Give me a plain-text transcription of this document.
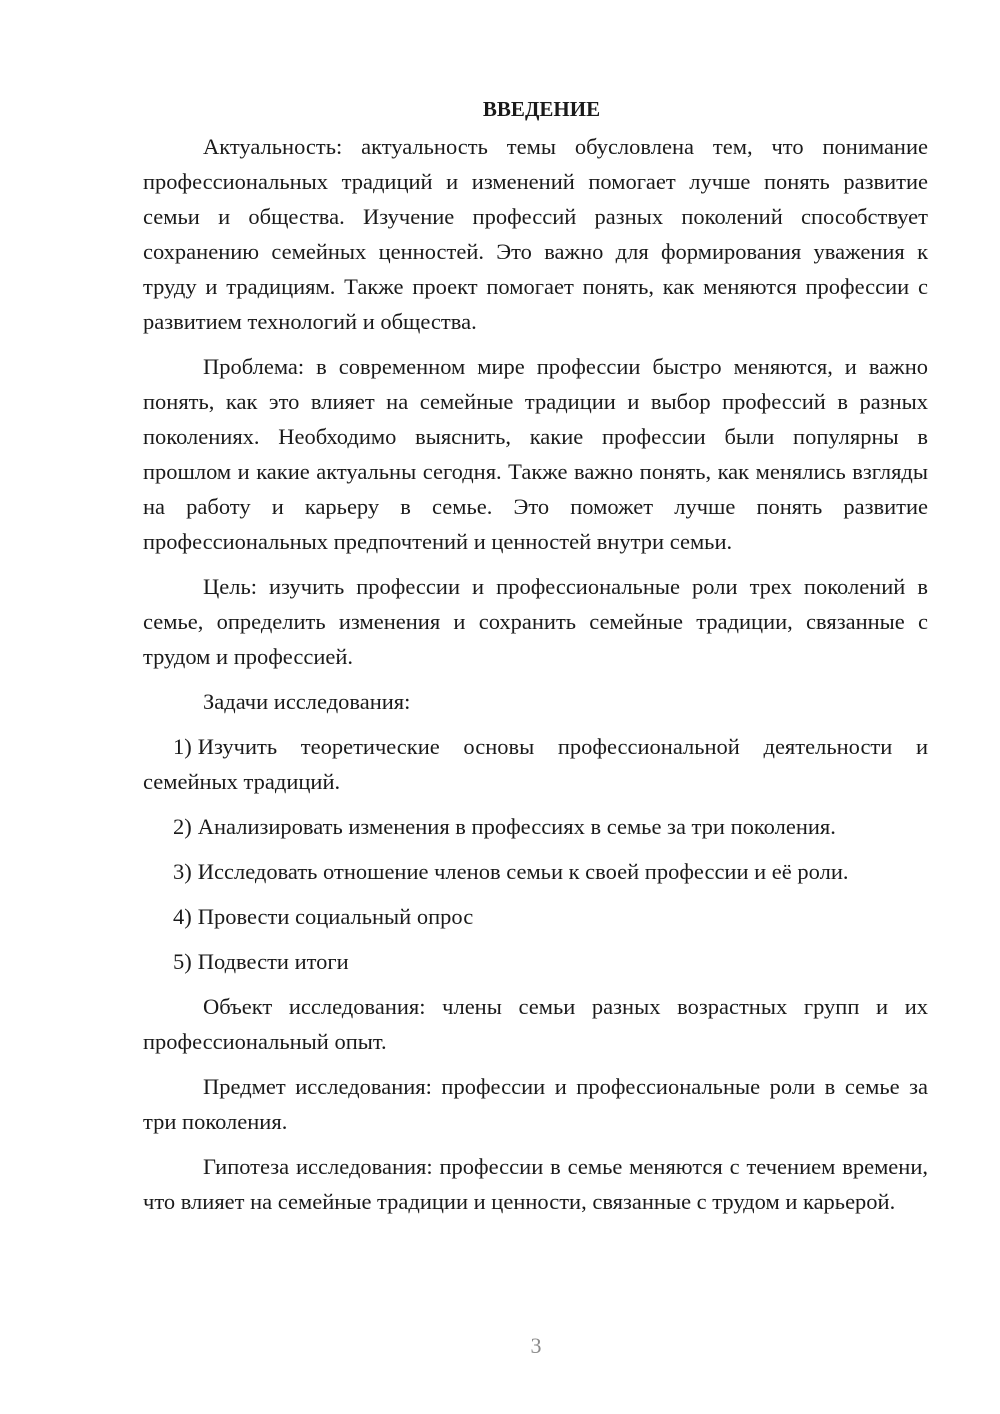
ВВЕДЕНИЕ

Актуальность: актуальность темы обусловлена тем, что понимание профессиональных традиций и изменений помогает лучше понять развитие семьи и общества. Изучение профессий разных поколений способствует сохранению семейных ценностей. Это важно для формирования уважения к труду и традициям. Также проект помогает понять, как меняются профессии с развитием технологий и общества.

Проблема: в современном мире профессии быстро меняются, и важно понять, как это влияет на семейные традиции и выбор профессий в разных поколениях. Необходимо выяснить, какие профессии были популярны в прошлом и какие актуальны сегодня. Также важно понять, как менялись взгляды на работу и карьеру в семье. Это поможет лучше понять развитие профессиональных предпочтений и ценностей внутри семьи.

Цель: изучить профессии и профессиональные роли трех поколений в семье, определить изменения и сохранить семейные традиции, связанные с трудом и профессией.

Задачи исследования:

1) Изучить теоретические основы профессиональной деятельности и семейных традиций.

2) Анализировать изменения в профессиях в семье за три поколения.

3) Исследовать отношение членов семьи к своей профессии и её роли.

4) Провести социальный опрос

5) Подвести итоги

Объект исследования: члены семьи разных возрастных групп и их профессиональный опыт.

Предмет исследования: профессии и профессиональные роли в семье за три поколения.

Гипотеза исследования: профессии в семье меняются с течением времени, что влияет на семейные традиции и ценности, связанные с трудом и карьерой.

3
